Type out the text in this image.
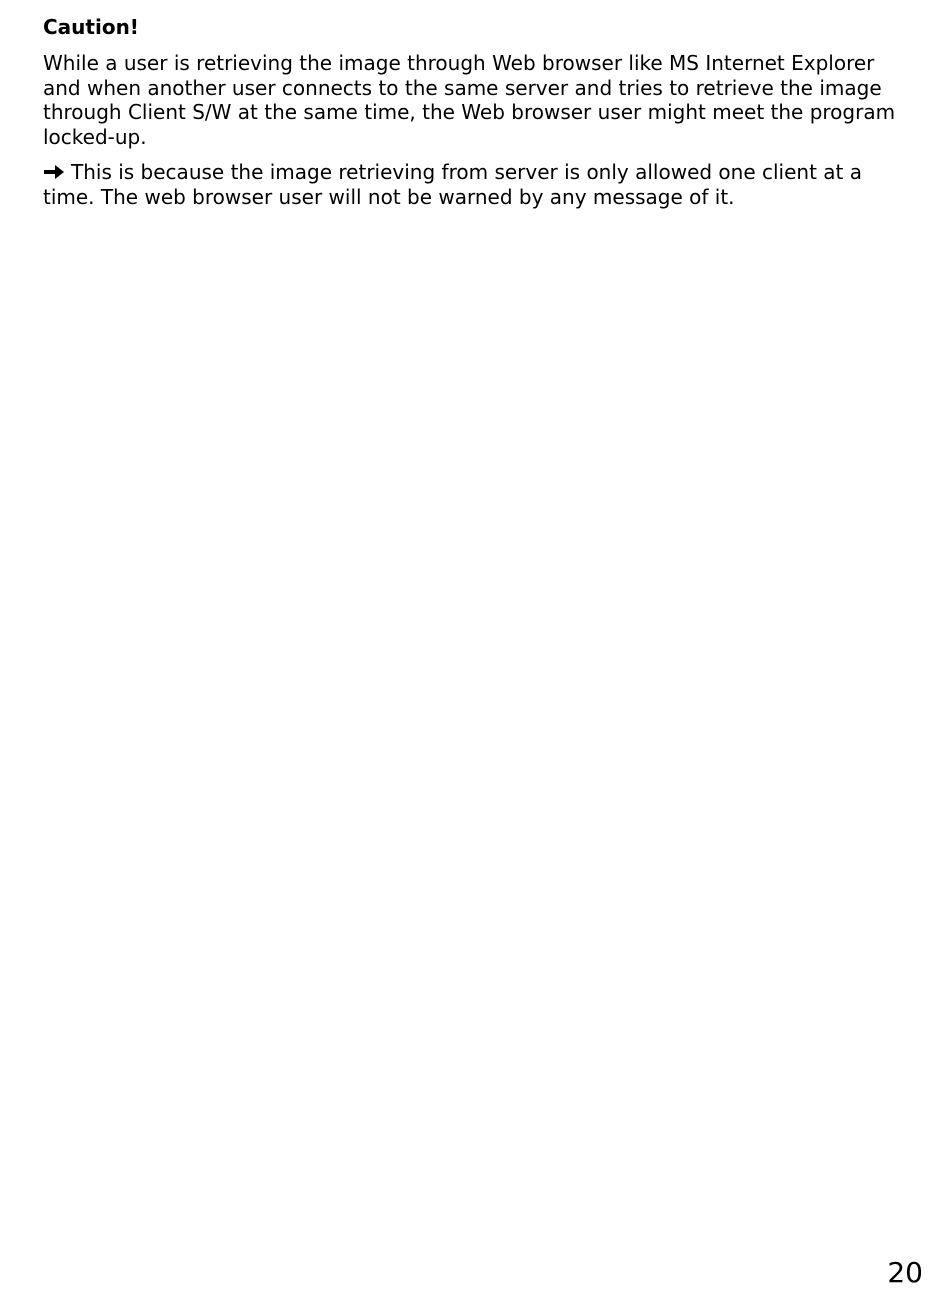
Caution!
While a user is retrieving the image through Web browser like MS Internet Explorer
and when another user connects to the same server and tries to retrieve the image
through Client S/W at the same time, the Web browser user might meet the program
locked-up.
This is because the image retrieving from server is only allowed one client at a
time. The web browser user will not be warned by any message of it.
20
